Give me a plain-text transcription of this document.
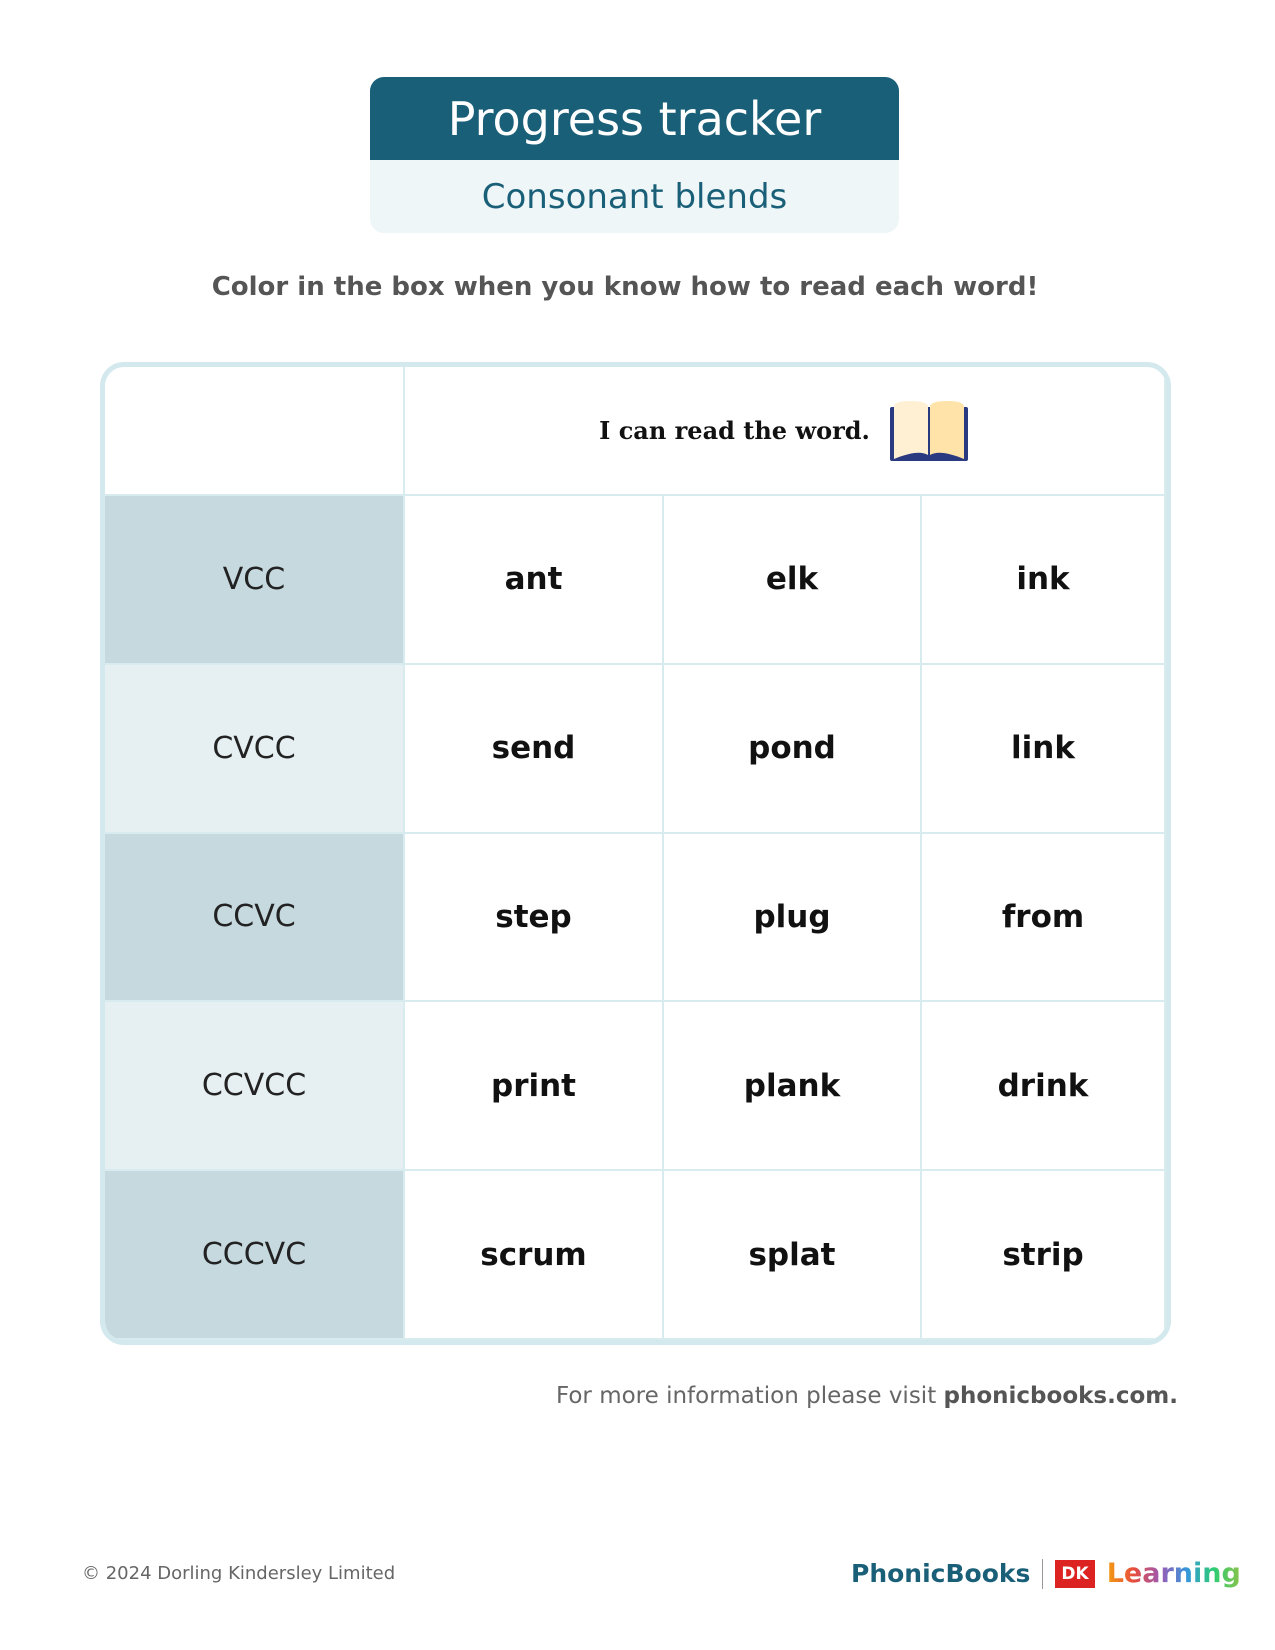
Progress tracker
Consonant blends
Color in the box when you know how to read each word!
I can read the word.
VCC	ant	elk	ink
CVCC	send	pond	link
CCVC	step	plug	from
CCVCC	print	plank	drink
CCCVC	scrum	splat	strip
For more information please visit phonicbooks.com.
© 2024 Dorling Kindersley Limited	PhonicBooks	DK Learning
